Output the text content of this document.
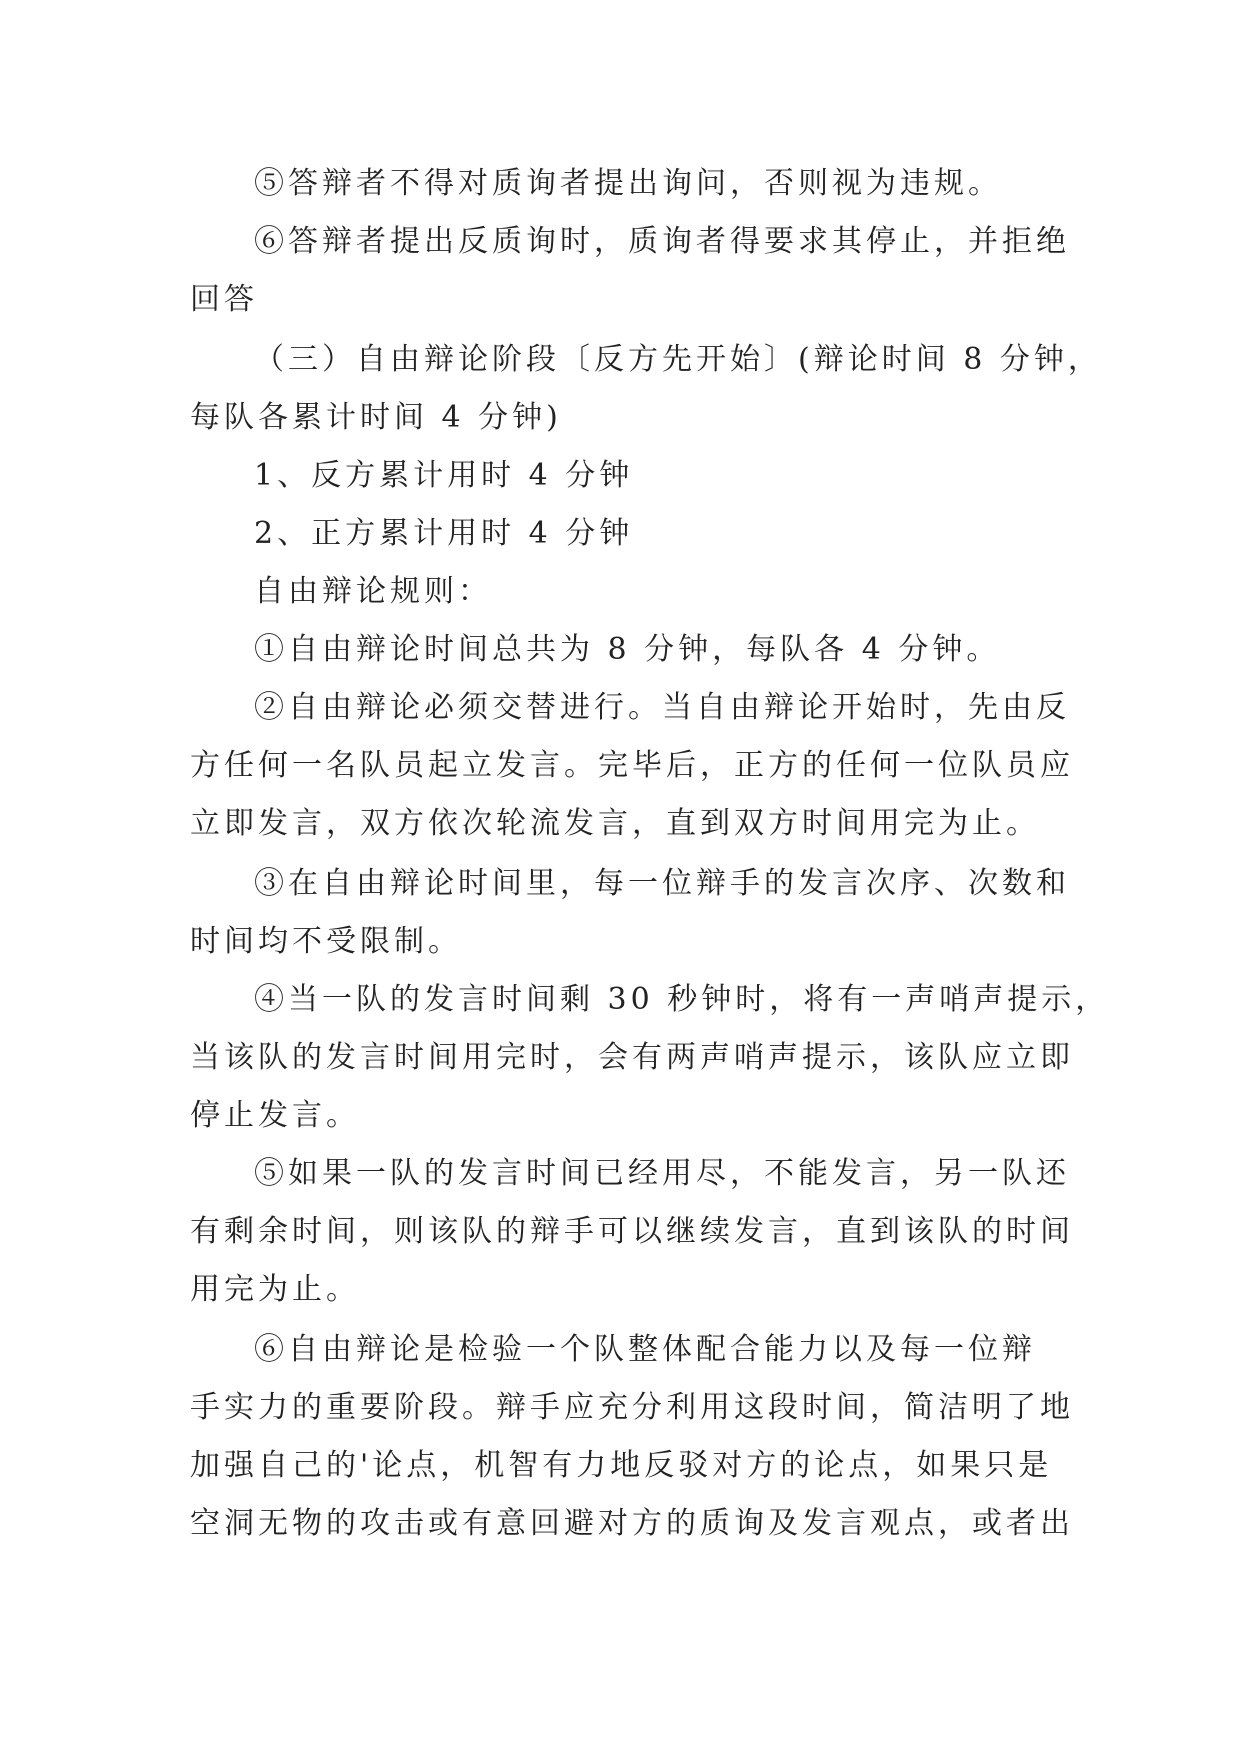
⑤答辩者不得对质询者提出询问，否则视为违规。

⑥答辩者提出反质询时，质询者得要求其停止，并拒绝

回答

（三）自由辩论阶段〔反方先开始〕(辩论时间 8 分钟，

每队各累计时间 4 分钟)

1、反方累计用时 4 分钟

2、正方累计用时 4 分钟

自由辩论规则：

①自由辩论时间总共为 8 分钟，每队各 4 分钟。

②自由辩论必须交替进行。当自由辩论开始时，先由反

方任何一名队员起立发言。完毕后，正方的任何一位队员应

立即发言，双方依次轮流发言，直到双方时间用完为止。

③在自由辩论时间里，每一位辩手的发言次序、次数和

时间均不受限制。

④当一队的发言时间剩 30 秒钟时，将有一声哨声提示，

当该队的发言时间用完时，会有两声哨声提示，该队应立即

停止发言。

⑤如果一队的发言时间已经用尽，不能发言，另一队还

有剩余时间，则该队的辩手可以继续发言，直到该队的时间

用完为止。

⑥自由辩论是检验一个队整体配合能力以及每一位辩

手实力的重要阶段。辩手应充分利用这段时间，简洁明了地

加强自己的'论点，机智有力地反驳对方的论点，如果只是

空洞无物的攻击或有意回避对方的质询及发言观点，或者出
